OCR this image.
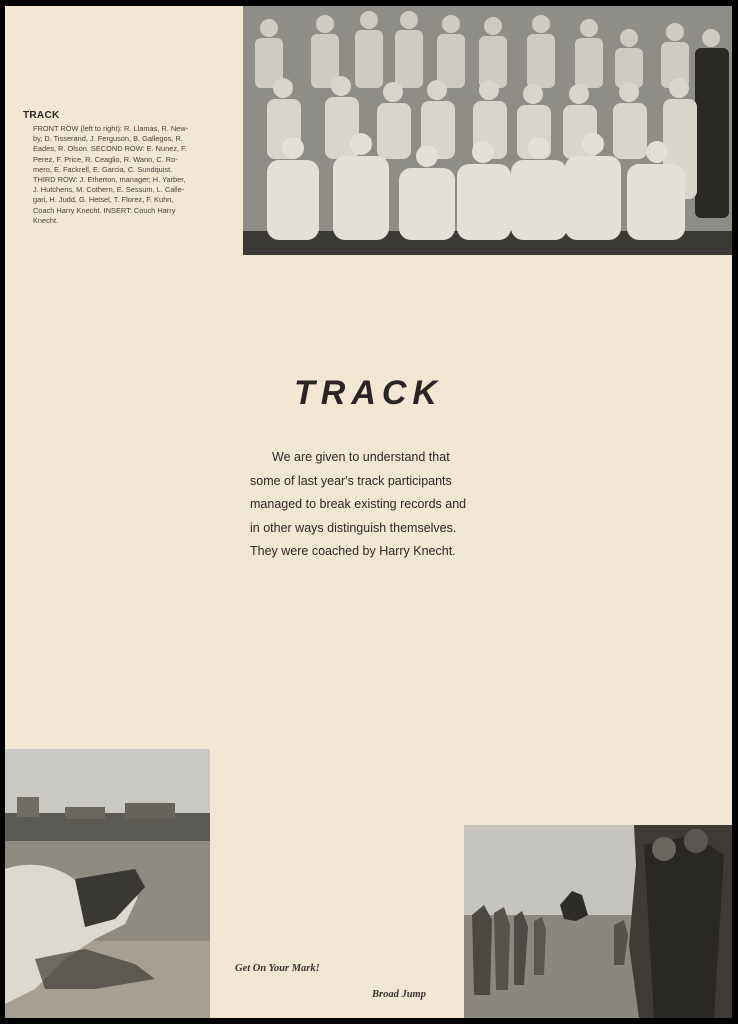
TRACK
FRONT ROW (left to right): R. Llamas, R. New-
by, D. Tisserand, J. Ferguson, B. Gallegos, R.
Eades, R. Olson. SECOND ROW: E. Nunez, F.
Perez, F. Price, R. Ceaglio, R. Wann, C. Ro-
mero, E. Fackrell, E. Garcia, C. Sundquist.
THIRD ROW: J. Etherton, manager; H. Yarber,
J. Hutchens, M. Cothern, E. Sessum, L. Calle-
gari, H. Judd, G. Hetsel, T. Florez, F. Kuhn,
Coach Harry Knecht. INSERT: Couch Harry
Knecht.
TRACK
We are given to understand that
some of last year's track participants
managed to break existing records and
in other ways distinguish themselves.
They were coached by Harry Knecht.
Get On Your Mark!
Broad Jump
